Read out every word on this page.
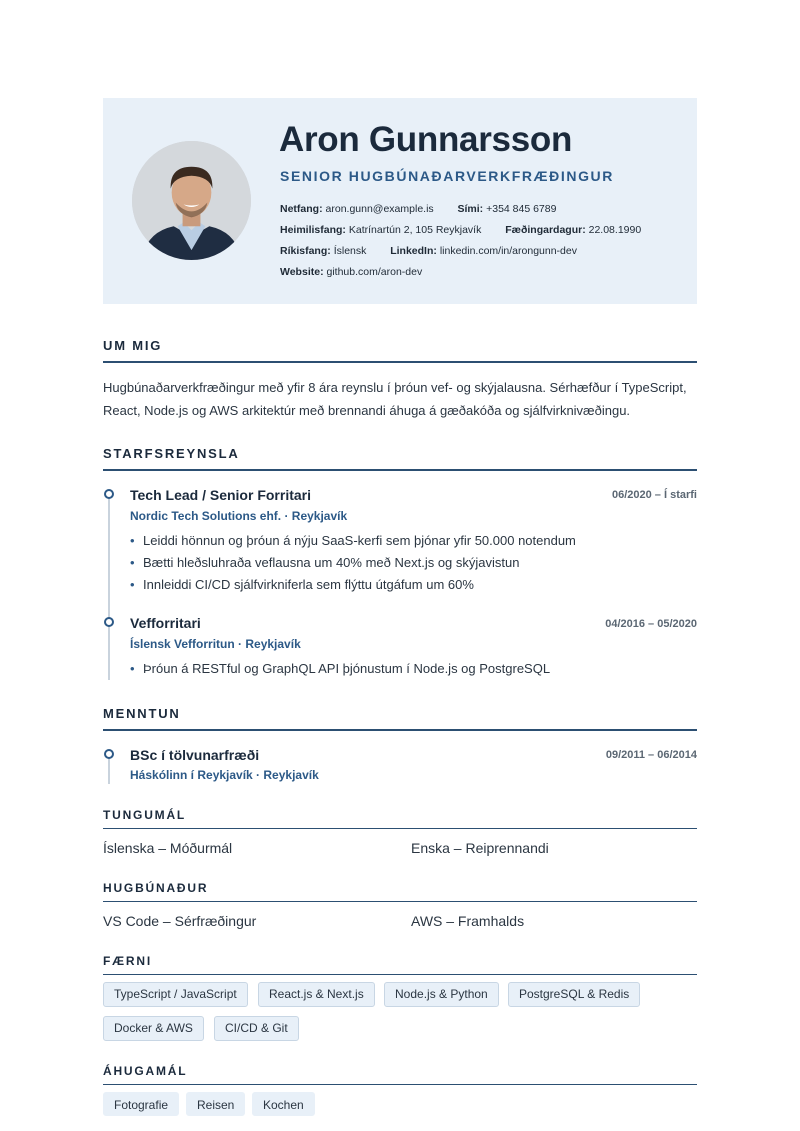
Aron Gunnarsson
SENIOR HUGBÚNAÐARVERKFRÆÐINGUR
Netfang: aron.gunn@example.is Sími: +354 845 6789
Heimilisfang: Katrínartún 2, 105 Reykjavík Fæðingardagur: 22.08.1990
Ríkisfang: Íslensk LinkedIn: linkedin.com/in/arongunn-dev
Website: github.com/aron-dev
UM MIG
Hugbúnaðarverkfræðingur með yfir 8 ára reynslu í þróun vef- og skýjalausna. Sérhæfður í TypeScript, React, Node.js og AWS arkitektúr með brennandi áhuga á gæðakóða og sjálfvirknivæðingu.
STARFSREYNSLA
Tech Lead / Senior Forritari	06/2020 – Í starfi
Nordic Tech Solutions ehf. · Reykjavík
• Leiddi hönnun og þróun á nýju SaaS-kerfi sem þjónar yfir 50.000 notendum
• Bætti hleðsluhraða veflausna um 40% með Next.js og skýjavistun
• Innleiddi CI/CD sjálfvirkniferla sem flýttu útgáfum um 60%
Vefforritari	04/2016 – 05/2020
Íslensk Vefforritun · Reykjavík
• Þróun á RESTful og GraphQL API þjónustum í Node.js og PostgreSQL
MENNTUN
BSc í tölvunarfræði	09/2011 – 06/2014
Háskólinn í Reykjavík · Reykjavík
TUNGUMÁL
Íslenska – Móðurmál	Enska – Reiprennandi
HUGBÚNAÐUR
VS Code – Sérfræðingur	AWS – Framhalds
FÆRNI
TypeScript / JavaScript	React.js & Next.js	Node.js & Python	PostgreSQL & Redis
Docker & AWS	CI/CD & Git
ÁHUGAMÁL
Fotografie	Reisen	Kochen
